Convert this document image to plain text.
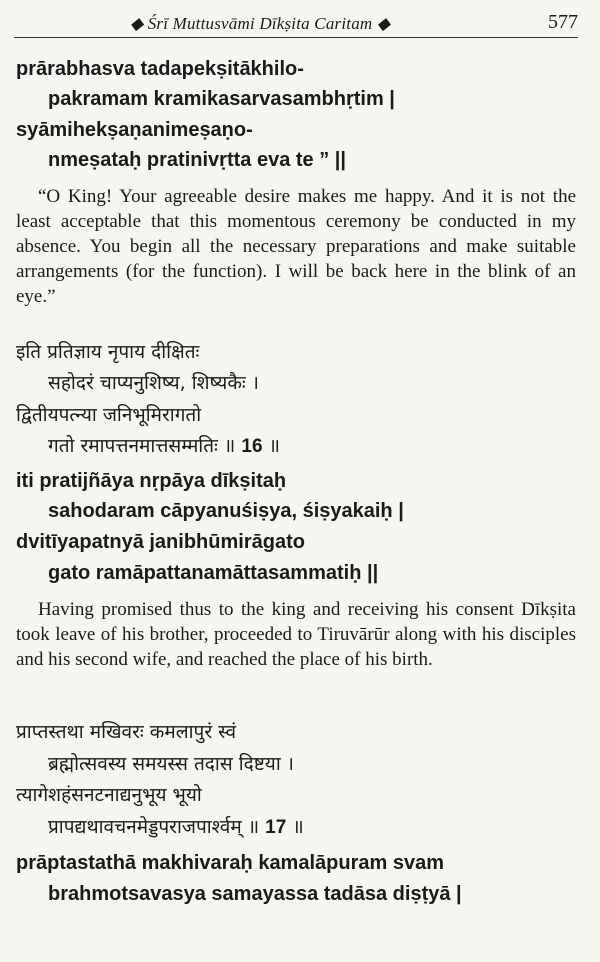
◆ Śrī Muttusvāmi Dīkṣita Caritam ◆	577
prārabhasva tadapekṣitākhilo-
pakramam kramikasarvasambhṛtim |
syāmihekṣaṇanimeṣaṇo-
nmeṣataḥ pratinivṛtta eva te ” ||

“O King! Your agreeable desire makes me happy. And it is not the least acceptable that this momentous ceremony be conducted in my absence. You begin all the necessary preparations and make suitable arrangements (for the function). I will be back here in the blink of an eye.”

इति प्रतिज्ञाय नृपाय दीक्षितः
सहोदरं चाप्यनुशिष्य, शिष्यकैः ।
द्वितीयपत्न्या जनिभूमिरागतो
गतो रमापत्तनमात्तसम्मतिः ॥ 16 ॥
iti pratijñāya nṛpāya dīkṣitaḥ
sahodaram cāpyanuśiṣya, śiṣyakaiḥ |
dvitīyapatnyā janibhūmirāgato
gato ramāpattanamāttasammatiḥ ||

Having promised thus to the king and receiving his consent Dīkṣita took leave of his brother, proceeded to Tiruvārūr along with his disciples and his second wife, and reached the place of his birth.

प्राप्तस्तथा मखिवरः कमलापुरं स्वं
ब्रह्मोत्सवस्य समयस्स तदास दिष्टया ।
त्यागेशहंसनटनाद्यनुभूय भूयो
प्रापद्यथावचनमेड्डपराजपार्श्वम् ॥ 17 ॥
prāptastathā makhivaraḥ kamalāpuram svam
brahmotsavasya samayassa tadāsa diṣṭyā |
